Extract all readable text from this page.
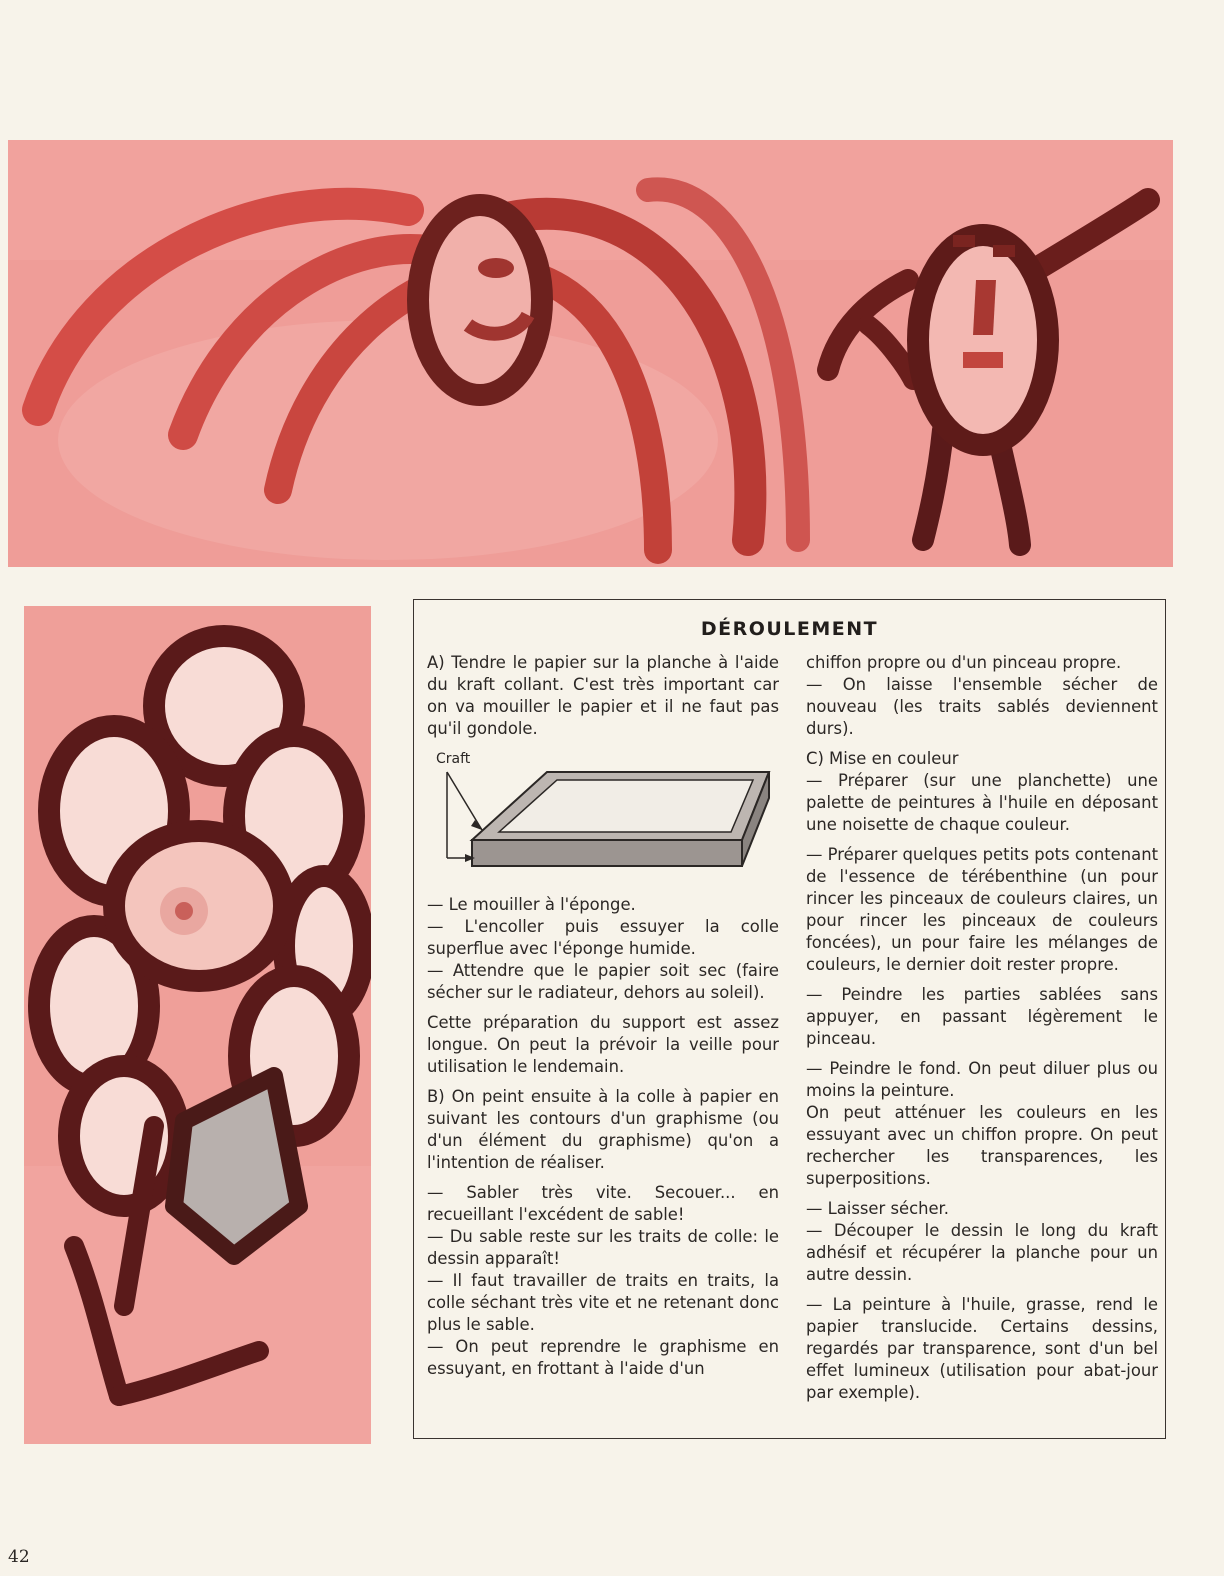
DÉROULEMENT

A) Tendre le papier sur la planche à l'aide du kraft collant. C'est très important car on va mouiller le papier et il ne faut pas qu'il gondole.

Craft

— Le mouiller à l'éponge.

— L'encoller puis essuyer la colle superflue avec l'éponge humide.

— Attendre que le papier soit sec (faire sécher sur le radiateur, dehors au soleil).

Cette préparation du support est assez longue. On peut la prévoir la veille pour utilisation le lendemain.

B) On peint ensuite à la colle à papier en suivant les contours d'un graphisme (ou d'un élément du graphisme) qu'on a l'intention de réaliser.

— Sabler très vite. Secouer... en recueillant l'excédent de sable!

— Du sable reste sur les traits de colle: le dessin apparaît!

— Il faut travailler de traits en traits, la colle séchant très vite et ne retenant donc plus le sable.

— On peut reprendre le graphisme en essuyant, en frottant à l'aide d'un

chiffon propre ou d'un pinceau propre.

— On laisse l'ensemble sécher de nouveau (les traits sablés deviennent durs).

C) Mise en couleur

— Préparer (sur une planchette) une palette de peintures à l'huile en déposant une noisette de chaque couleur.

— Préparer quelques petits pots contenant de l'essence de térébenthine (un pour rincer les pinceaux de couleurs claires, un pour rincer les pinceaux de couleurs foncées), un pour faire les mélanges de couleurs, le dernier doit rester propre.

— Peindre les parties sablées sans appuyer, en passant légèrement le pinceau.

— Peindre le fond. On peut diluer plus ou moins la peinture.

On peut atténuer les couleurs en les essuyant avec un chiffon propre. On peut rechercher les transparences, les superpositions.

— Laisser sécher.

— Découper le dessin le long du kraft adhésif et récupérer la planche pour un autre dessin.

— La peinture à l'huile, grasse, rend le papier translucide. Certains dessins, regardés par transparence, sont d'un bel effet lumineux (utilisation pour abat-jour par exemple).

42
